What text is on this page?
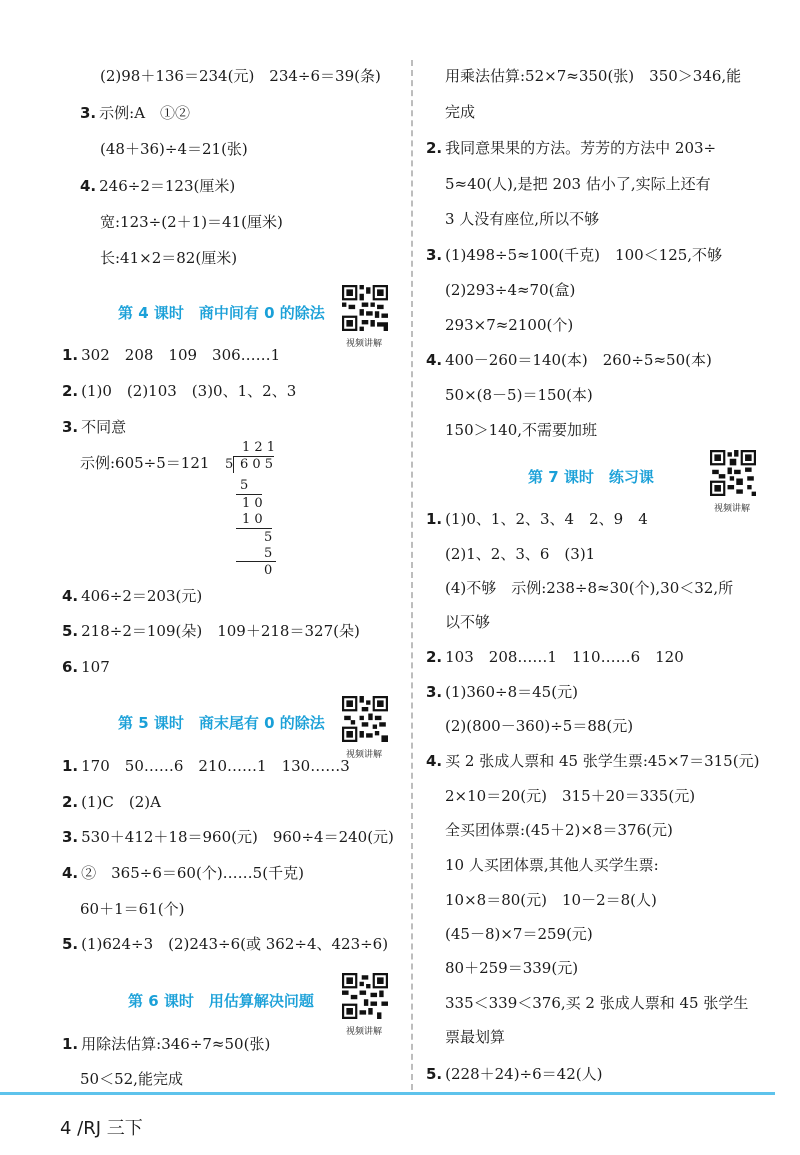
(2)98＋136＝234(元)　234÷6＝39(条)
3. 示例:A　①②
(48＋36)÷4＝21(张)
4. 246÷2＝123(厘米)
宽:123÷(2＋1)＝41(厘米)
长:41×2＝82(厘米)
第 4 课时　商中间有 0 的除法
视频讲解
1. 302　208　109　306……1
2. (1)0　(2)103　(3)0、1、2、3
3. 不同意
示例:605÷5＝121
1 2 1
5 6 0 5
5
1 0
1 0
5
5
0
4. 406÷2＝203(元)
5. 218÷2＝109(朵)　109＋218＝327(朵)
6. 107
第 5 课时　商末尾有 0 的除法
视频讲解
1. 170　50……6　210……1　130……3
2. (1)C　(2)A
3. 530＋412＋18＝960(元)　960÷4＝240(元)
4. ②　365÷6＝60(个)……5(千克)
60＋1＝61(个)
5. (1)624÷3　(2)243÷6(或 362÷4、423÷6)
第 6 课时　用估算解决问题
视频讲解
1. 用除法估算:346÷7≈50(张)
50＜52,能完成
用乘法估算:52×7≈350(张)　350＞346,能
完成
2. 我同意果果的方法。芳芳的方法中 203÷
5≈40(人),是把 203 估小了,实际上还有
3 人没有座位,所以不够
3. (1)498÷5≈100(千克)　100＜125,不够
(2)293÷4≈70(盒)
293×7≈2100(个)
4. 400－260＝140(本)　260÷5≈50(本)
50×(8－5)＝150(本)
150＞140,不需要加班
第 7 课时　练习课
视频讲解
1. (1)0、1、2、3、4　2、9　4
(2)1、2、3、6　(3)1
(4)不够　示例:238÷8≈30(个),30＜32,所
以不够
2. 103　208……1　110……6　120
3. (1)360÷8＝45(元)
(2)(800－360)÷5＝88(元)
4. 买 2 张成人票和 45 张学生票:45×7＝315(元)
2×10＝20(元)　315＋20＝335(元)
全买团体票:(45＋2)×8＝376(元)
10 人买团体票,其他人买学生票:
10×8＝80(元)　10－2＝8(人)
(45－8)×7＝259(元)
80＋259＝339(元)
335＜339＜376,买 2 张成人票和 45 张学生
票最划算
5. (228＋24)÷6＝42(人)
4 /RJ 三下
